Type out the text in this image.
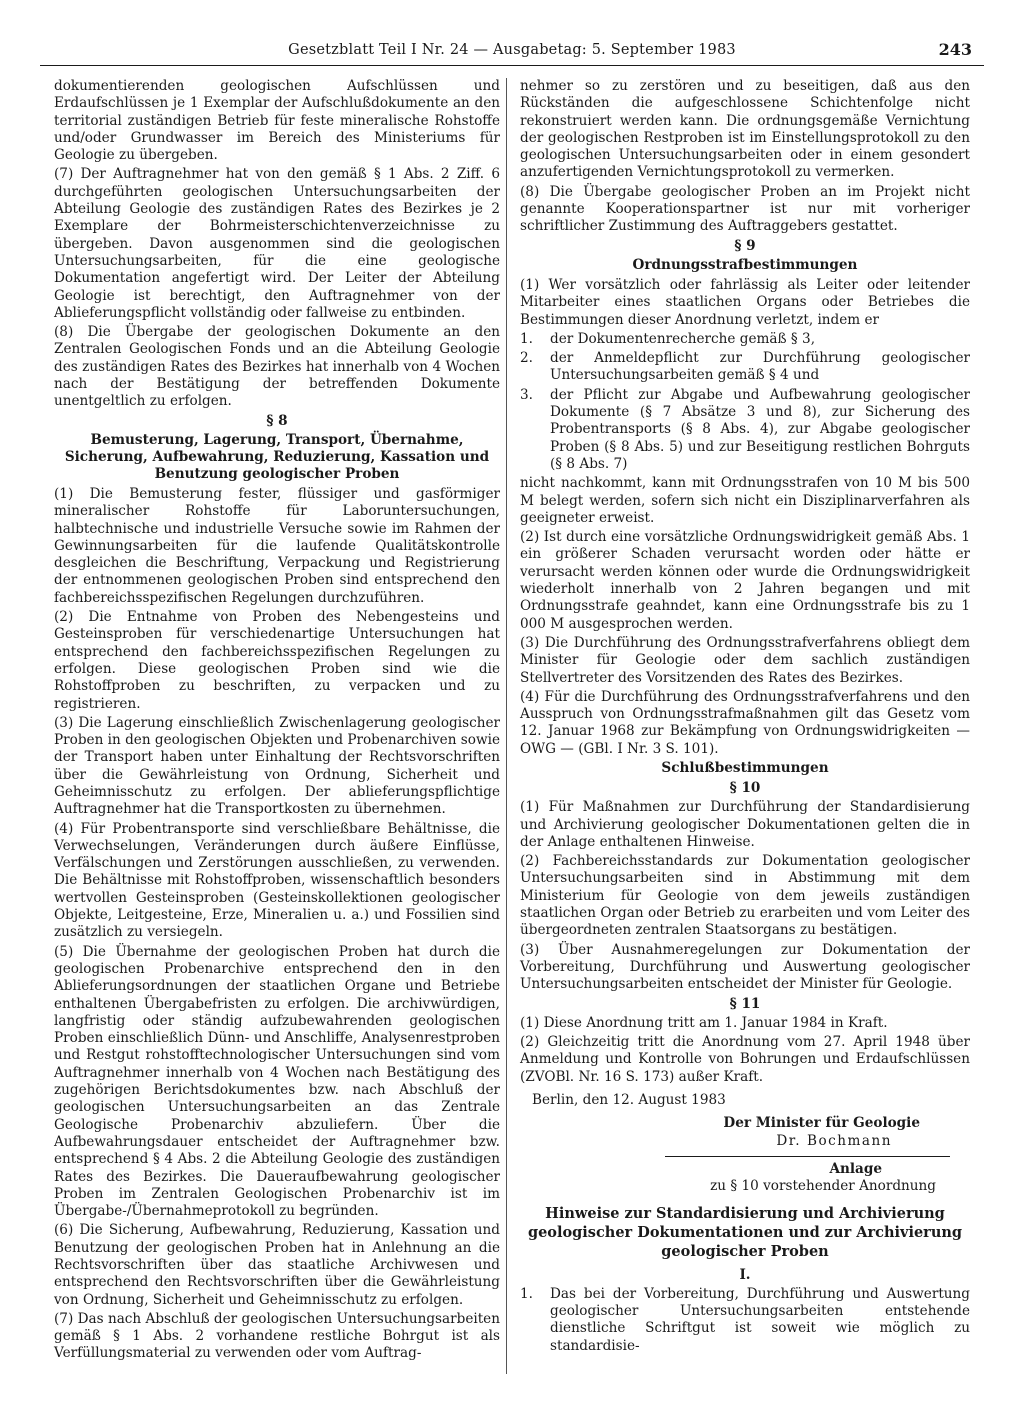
Gesetzblatt Teil I Nr. 24 — Ausgabetag: 5. September 1983	243

dokumentierenden geologischen Aufschlüssen und Erdaufschlüssen je 1 Exemplar der Aufschlußdokumente an den territorial zuständigen Betrieb für feste mineralische Rohstoffe und/oder Grundwasser im Bereich des Ministeriums für Geologie zu übergeben.

(7) Der Auftragnehmer hat von den gemäß § 1 Abs. 2 Ziff. 6 durchgeführten geologischen Untersuchungsarbeiten der Abteilung Geologie des zuständigen Rates des Bezirkes je 2 Exemplare der Bohrmeisterschichtenverzeichnisse zu übergeben. Davon ausgenommen sind die geologischen Untersuchungsarbeiten, für die eine geologische Dokumentation angefertigt wird. Der Leiter der Abteilung Geologie ist berechtigt, den Auftragnehmer von der Ablieferungspflicht vollständig oder fallweise zu entbinden.

(8) Die Übergabe der geologischen Dokumente an den Zentralen Geologischen Fonds und an die Abteilung Geologie des zuständigen Rates des Bezirkes hat innerhalb von 4 Wochen nach der Bestätigung der betreffenden Dokumente unentgeltlich zu erfolgen.

§ 8
Bemusterung, Lagerung, Transport, Übernahme, Sicherung, Aufbewahrung, Reduzierung, Kassation und Benutzung geologischer Proben

(1) Die Bemusterung fester, flüssiger und gasförmiger mineralischer Rohstoffe für Laboruntersuchungen, halbtechnische und industrielle Versuche sowie im Rahmen der Gewinnungsarbeiten für die laufende Qualitätskontrolle desgleichen die Beschriftung, Verpackung und Registrierung der entnommenen geologischen Proben sind entsprechend den fachbereichsspezifischen Regelungen durchzuführen.

(2) Die Entnahme von Proben des Nebengesteins und Gesteinsproben für verschiedenartige Untersuchungen hat entsprechend den fachbereichsspezifischen Regelungen zu erfolgen. Diese geologischen Proben sind wie die Rohstoffproben zu beschriften, zu verpacken und zu registrieren.

(3) Die Lagerung einschließlich Zwischenlagerung geologischer Proben in den geologischen Objekten und Probenarchiven sowie der Transport haben unter Einhaltung der Rechtsvorschriften über die Gewährleistung von Ordnung, Sicherheit und Geheimnisschutz zu erfolgen. Der ablieferungspflichtige Auftragnehmer hat die Transportkosten zu übernehmen.

(4) Für Probentransporte sind verschließbare Behältnisse, die Verwechselungen, Veränderungen durch äußere Einflüsse, Verfälschungen und Zerstörungen ausschließen, zu verwenden. Die Behältnisse mit Rohstoffproben, wissenschaftlich besonders wertvollen Gesteinsproben (Gesteinskollektionen geologischer Objekte, Leitgesteine, Erze, Mineralien u. a.) und Fossilien sind zusätzlich zu versiegeln.

(5) Die Übernahme der geologischen Proben hat durch die geologischen Probenarchive entsprechend den in den Ablieferungsordnungen der staatlichen Organe und Betriebe enthaltenen Übergabefristen zu erfolgen. Die archivwürdigen, langfristig oder ständig aufzubewahrenden geologischen Proben einschließlich Dünn- und Anschliffe, Analysenrestproben und Restgut rohstofftechnologischer Untersuchungen sind vom Auftragnehmer innerhalb von 4 Wochen nach Bestätigung des zugehörigen Berichtsdokumentes bzw. nach Abschluß der geologischen Untersuchungsarbeiten an das Zentrale Geologische Probenarchiv abzuliefern. Über die Aufbewahrungsdauer entscheidet der Auftragnehmer bzw. entsprechend § 4 Abs. 2 die Abteilung Geologie des zuständigen Rates des Bezirkes. Die Daueraufbewahrung geologischer Proben im Zentralen Geologischen Probenarchiv ist im Übergabe-/Übernahmeprotokoll zu begründen.

(6) Die Sicherung, Aufbewahrung, Reduzierung, Kassation und Benutzung der geologischen Proben hat in Anlehnung an die Rechtsvorschriften über das staatliche Archivwesen und entsprechend den Rechtsvorschriften über die Gewährleistung von Ordnung, Sicherheit und Geheimnisschutz zu erfolgen.

(7) Das nach Abschluß der geologischen Untersuchungsarbeiten gemäß § 1 Abs. 2 vorhandene restliche Bohrgut ist als Verfüllungsmaterial zu verwenden oder vom Auftrag-

nehmer so zu zerstören und zu beseitigen, daß aus den Rückständen die aufgeschlossene Schichtenfolge nicht rekonstruiert werden kann. Die ordnungsgemäße Vernichtung der geologischen Restproben ist im Einstellungsprotokoll zu den geologischen Untersuchungsarbeiten oder in einem gesondert anzufertigenden Vernichtungsprotokoll zu vermerken.

(8) Die Übergabe geologischer Proben an im Projekt nicht genannte Kooperationspartner ist nur mit vorheriger schriftlicher Zustimmung des Auftraggebers gestattet.

§ 9
Ordnungsstrafbestimmungen

(1) Wer vorsätzlich oder fahrlässig als Leiter oder leitender Mitarbeiter eines staatlichen Organs oder Betriebes die Bestimmungen dieser Anordnung verletzt, indem er

1.	der Dokumentenrecherche gemäß § 3,
2.	der Anmeldepflicht zur Durchführung geologischer Untersuchungsarbeiten gemäß § 4 und
3.	der Pflicht zur Abgabe und Aufbewahrung geologischer Dokumente (§ 7 Absätze 3 und 8), zur Sicherung des Probentransports (§ 8 Abs. 4), zur Abgabe geologischer Proben (§ 8 Abs. 5) und zur Beseitigung restlichen Bohrguts (§ 8 Abs. 7)

nicht nachkommt, kann mit Ordnungsstrafen von 10 M bis 500 M belegt werden, sofern sich nicht ein Disziplinarverfahren als geeigneter erweist.

(2) Ist durch eine vorsätzliche Ordnungswidrigkeit gemäß Abs. 1 ein größerer Schaden verursacht worden oder hätte er verursacht werden können oder wurde die Ordnungswidrigkeit wiederholt innerhalb von 2 Jahren begangen und mit Ordnungsstrafe geahndet, kann eine Ordnungsstrafe bis zu 1 000 M ausgesprochen werden.

(3) Die Durchführung des Ordnungsstrafverfahrens obliegt dem Minister für Geologie oder dem sachlich zuständigen Stellvertreter des Vorsitzenden des Rates des Bezirkes.

(4) Für die Durchführung des Ordnungsstrafverfahrens und den Ausspruch von Ordnungsstrafmaßnahmen gilt das Gesetz vom 12. Januar 1968 zur Bekämpfung von Ordnungswidrigkeiten — OWG — (GBl. I Nr. 3 S. 101).

Schlußbestimmungen
§ 10

(1) Für Maßnahmen zur Durchführung der Standardisierung und Archivierung geologischer Dokumentationen gelten die in der Anlage enthaltenen Hinweise.

(2) Fachbereichsstandards zur Dokumentation geologischer Untersuchungsarbeiten sind in Abstimmung mit dem Ministerium für Geologie von dem jeweils zuständigen staatlichen Organ oder Betrieb zu erarbeiten und vom Leiter des übergeordneten zentralen Staatsorgans zu bestätigen.

(3) Über Ausnahmeregelungen zur Dokumentation der Vorbereitung, Durchführung und Auswertung geologischer Untersuchungsarbeiten entscheidet der Minister für Geologie.

§ 11

(1) Diese Anordnung tritt am 1. Januar 1984 in Kraft.

(2) Gleichzeitig tritt die Anordnung vom 27. April 1948 über Anmeldung und Kontrolle von Bohrungen und Erdaufschlüssen (ZVOBl. Nr. 16 S. 173) außer Kraft.

Berlin, den 12. August 1983

Der Minister für Geologie
Dr. Bochmann
Anlage
zu § 10 vorstehender Anordnung
Hinweise zur Standardisierung und Archivierung geologischer Dokumentationen und zur Archivierung geologischer Proben
I.
1.	Das bei der Vorbereitung, Durchführung und Auswertung geologischer Untersuchungsarbeiten entstehende dienstliche Schriftgut ist soweit wie möglich zu standardisie-
